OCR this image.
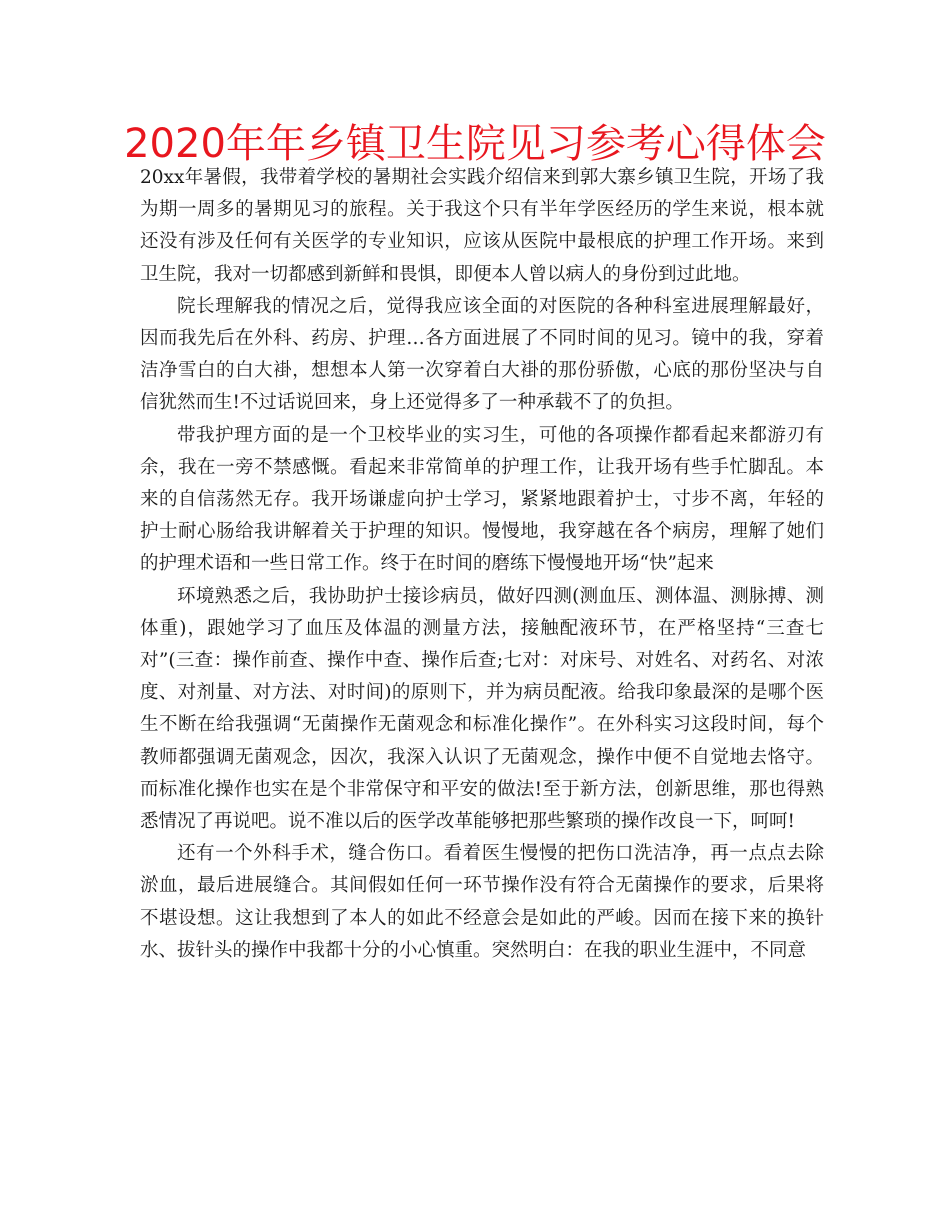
2020年年乡镇卫生院见习参考心得体会

20xx年暑假，我带着学校的暑期社会实践介绍信来到郭大寨乡镇卫生院，开场了我为期一周多的暑期见习的旅程。关于我这个只有半年学医经历的学生来说，根本就还没有涉及任何有关医学的专业知识，应该从医院中最根底的护理工作开场。来到卫生院，我对一切都感到新鲜和畏惧，即便本人曾以病人的身份到过此地。

院长理解我的情况之后，觉得我应该全面的对医院的各种科室进展理解最好，因而我先后在外科、药房、护理…各方面进展了不同时间的见习。镜中的我，穿着洁净雪白的白大褂，想想本人第一次穿着白大褂的那份骄傲，心底的那份坚决与自信犹然而生!不过话说回来，身上还觉得多了一种承载不了的负担。

带我护理方面的是一个卫校毕业的实习生，可他的各项操作都看起来都游刃有余，我在一旁不禁感慨。看起来非常简单的护理工作，让我开场有些手忙脚乱。本来的自信荡然无存。我开场谦虚向护士学习，紧紧地跟着护士，寸步不离，年轻的护士耐心肠给我讲解着关于护理的知识。慢慢地，我穿越在各个病房，理解了她们的护理术语和一些日常工作。终于在时间的磨练下慢慢地开场“快”起来

环境熟悉之后，我协助护士接诊病员，做好四测(测血压、测体温、测脉搏、测体重)，跟她学习了血压及体温的测量方法，接触配液环节，在严格坚持“三查七对”(三查：操作前查、操作中查、操作后查;七对：对床号、对姓名、对药名、对浓度、对剂量、对方法、对时间)的原则下，并为病员配液。给我印象最深的是哪个医生不断在给我强调“无菌操作无菌观念和标准化操作”。在外科实习这段时间，每个教师都强调无菌观念，因次，我深入认识了无菌观念，操作中便不自觉地去恪守。而标准化操作也实在是个非常保守和平安的做法!至于新方法，创新思维，那也得熟悉情况了再说吧。说不准以后的医学改革能够把那些繁琐的操作改良一下，呵呵!

还有一个外科手术，缝合伤口。看着医生慢慢的把伤口洗洁净，再一点点去除淤血，最后进展缝合。其间假如任何一环节操作没有符合无菌操作的要求，后果将不堪设想。这让我想到了本人的如此不经意会是如此的严峻。因而在接下来的换针水、拔针头的操作中我都十分的小心慎重。突然明白：在我的职业生涯中，不同意
